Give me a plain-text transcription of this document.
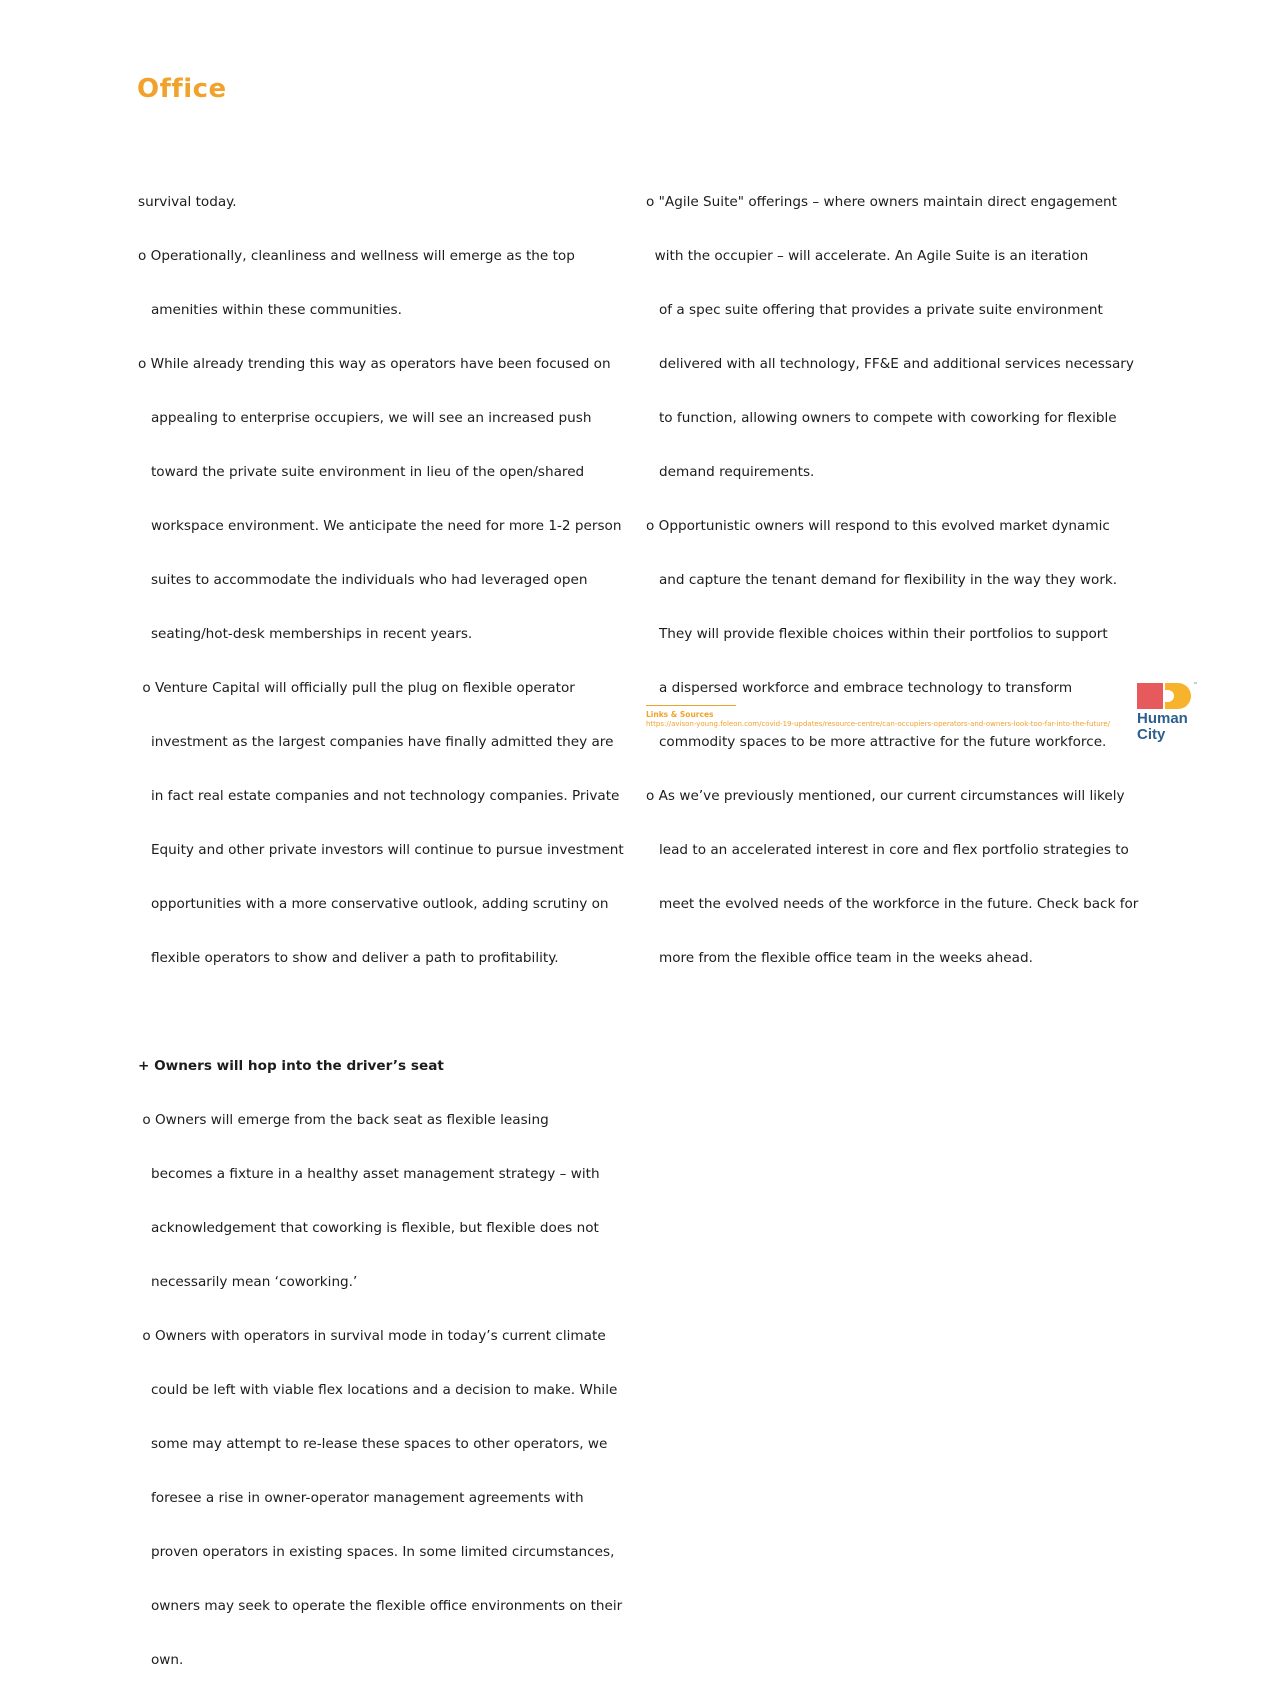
Office

survival today.

o Operationally, cleanliness and wellness will emerge as the top

amenities within these communities.

o While already trending this way as operators have been focused on

appealing to enterprise occupiers, we will see an increased push

toward the private suite environment in lieu of the open/shared

workspace environment. We anticipate the need for more 1-2 person

suites to accommodate the individuals who had leveraged open

seating/hot-desk memberships in recent years.

o Venture Capital will officially pull the plug on flexible operator

investment as the largest companies have finally admitted they are

in fact real estate companies and not technology companies. Private

Equity and other private investors will continue to pursue investment

opportunities with a more conservative outlook, adding scrutiny on

flexible operators to show and deliver a path to profitability.

+ Owners will hop into the driver’s seat

o Owners will emerge from the back seat as flexible leasing

becomes a fixture in a healthy asset management strategy – with

acknowledgement that coworking is flexible, but flexible does not

necessarily mean ‘coworking.’

o Owners with operators in survival mode in today’s current climate

could be left with viable flex locations and a decision to make. While

some may attempt to re-lease these spaces to other operators, we

foresee a rise in owner-operator management agreements with

proven operators in existing spaces. In some limited circumstances,

owners may seek to operate the flexible office environments on their

own.

o "Agile Suite" offerings – where owners maintain direct engagement

with the occupier – will accelerate. An Agile Suite is an iteration

of a spec suite offering that provides a private suite environment

delivered with all technology, FF&E and additional services necessary

to function, allowing owners to compete with coworking for flexible

demand requirements.

o Opportunistic owners will respond to this evolved market dynamic

and capture the tenant demand for flexibility in the way they work.

They will provide flexible choices within their portfolios to support

a dispersed workforce and embrace technology to transform

commodity spaces to be more attractive for the future workforce.

o As we’ve previously mentioned, our current circumstances will likely

lead to an accelerated interest in core and flex portfolio strategies to

meet the evolved needs of the workforce in the future. Check back for

more from the flexible office team in the weeks ahead.

Links & Sources
https://avison-young.foleon.com/covid-19-updates/resource-centre/can-occupiers-operators-and-owners-look-too-far-into-the-future/
™
Human
City
